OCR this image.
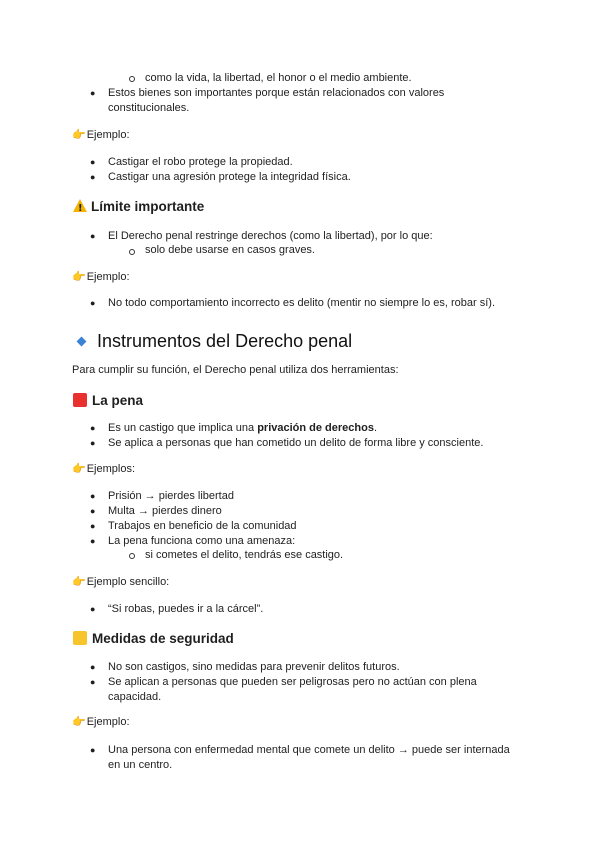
como la vida, la libertad, el honor o el medio ambiente.
● Estos bienes son importantes porque están relacionados con valores
constitucionales.
👉Ejemplo:
● Castigar el robo protege la propiedad.
● Castigar una agresión protege la integridad física.
!Límite importante
● El Derecho penal restringe derechos (como la libertad), por lo que:
solo debe usarse en casos graves.
👉Ejemplo:
● No todo comportamiento incorrecto es delito (mentir no siempre lo es, robar sí).
Instrumentos del Derecho penal
Para cumplir su función, el Derecho penal utiliza dos herramientas:
La pena
● Es un castigo que implica una privación de derechos.
● Se aplica a personas que han cometido un delito de forma libre y consciente.
👉Ejemplos:
● Prisión → pierdes libertad
● Multa → pierdes dinero
● Trabajos en beneficio de la comunidad
● La pena funciona como una amenaza:
si cometes el delito, tendrás ese castigo.
👉Ejemplo sencillo:
● “Si robas, puedes ir a la cárcel”.
Medidas de seguridad
● No son castigos, sino medidas para prevenir delitos futuros.
● Se aplican a personas que pueden ser peligrosas pero no actúan con plena
capacidad.
👉Ejemplo:
● Una persona con enfermedad mental que comete un delito → puede ser internada
en un centro.
